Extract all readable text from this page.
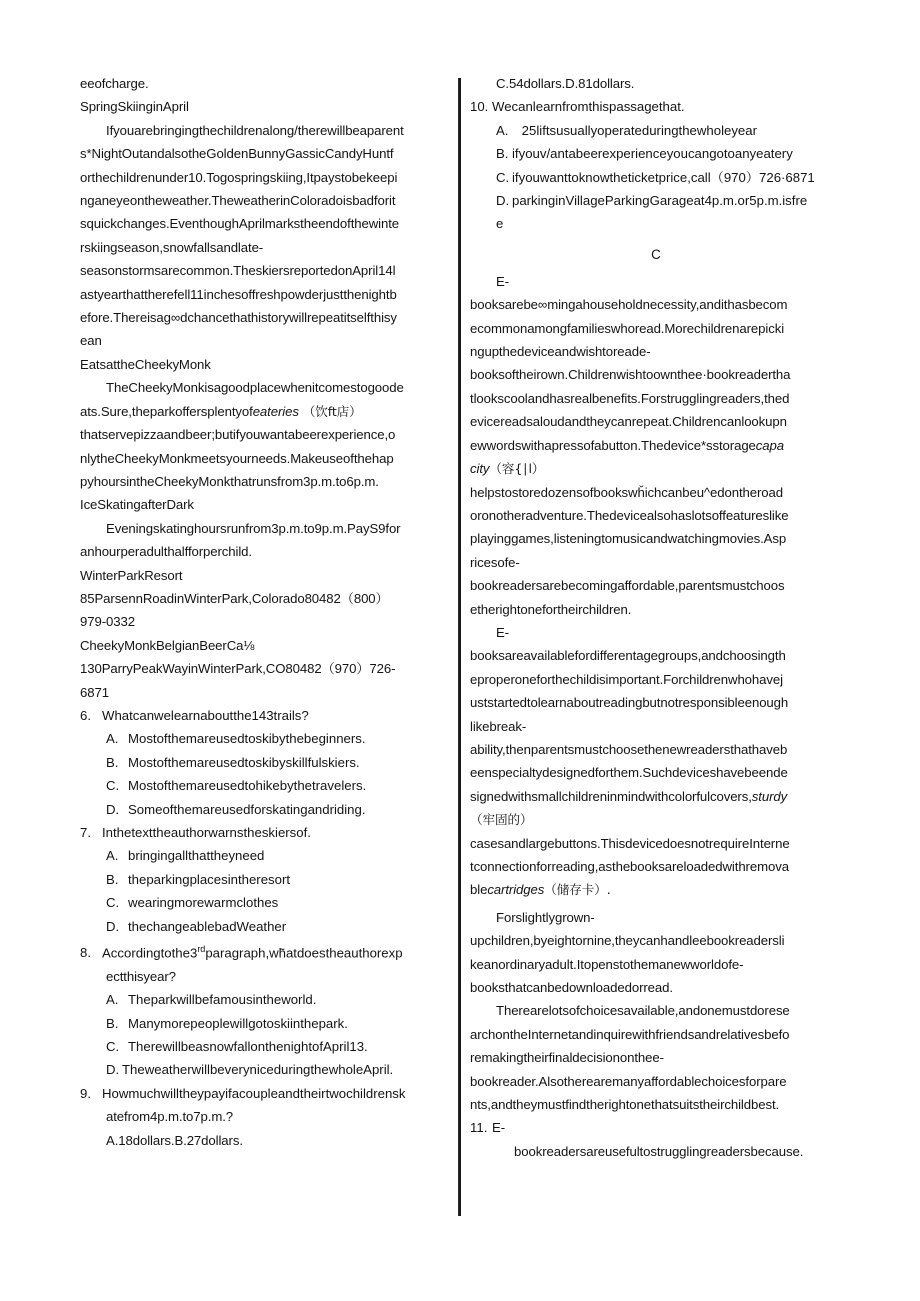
eeofcharge.
SpringSkiinginApril
Ifyouarebringingthechildrenalong/therewillbeaparent
s*NightOutandalsotheGoldenBunnyGassicCandyHuntf
orthechildrenunder10.Togospringskiing,Itpaystobekeepi
nganeyeontheweather.TheweatherinColoradoisbadforit
squickchanges.EventhoughAprilmarkstheendofthewinte
rskiingseason,snowfallsandlate-
seasonstormsarecommon.TheskiersreportedonApril14l
astyearthattherefell11inchesoffreshpowderjustthenightb
efore.Thereisag∞dchancethathistorywillrepeatitselfthisy
ean
EatsattheCheekyMonk
TheCheekyMonkisagoodplacewhenitcomestogoode
ats.Sure,theparkoffersplentyofeateries （饮ft店）
thatservepizzaandbeer;butifyouwantabeerexperience,o
nlytheCheekyMonkmeetsyourneeds.Makeuseofthehap
pyhoursintheCheekyMonkthatrunsfrom3p.m.to6p.m.
IceSkatingafterDark
Eveningskatinghoursrunfrom3p.m.to9p.m.PayS9for
anhourperadulthalfforperchild.
WinterParkResort
85ParsennRoadinWinterPark,Colorado80482（800）
979-0332
CheekyMonkBelgianBeerCa⅛
130ParryPeakWayinWinterPark,CO80482（970）726-
6871
6. Whatcanwelearnaboutthe143trails?
A. Mostofthemareusedtoskibythebeginners.
B. Mostofthemareusedtoskibyskillfulskiers.
C. Mostofthemareusedtohikebythetravelers.
D. Someofthemareusedforskatingandriding.
7. Inthetexttheauthorwarnstheskiersof.
A. bringingallthattheyneed
B. theparkingplacesintheresort
C. wearingmorewarmclothes
D. thechangeablebadWeather
8. Accordingtothe3rdparagraph,wh̃atdoestheauthorexp
ectthisyear?
A. Theparkwillbefamousintheworld.
B. Manymorepeoplewillgotoskiinthepark.
C. TherewillbeasnowfallonthenightofApril13.
D. TheweatherwillbeveryniceduringthewholeApril.
9. Howmuchwilltheypayifacoupleandtheirtwochildrensk
atefrom4p.m.to7p.m.?
A.18dollars.B.27dollars.
C.54dollars.D.81dollars.
10. Wecanlearnfromthispassagethat.
A. 25liftsusuallyoperateduringthewholeyear
B. ifyouv/antabeerexperienceyoucangotoanyeatery
C. ifyouwanttoknowtheticketprice,call（970）726·6871
D. parkinginVillageParkingGarageat4p.m.or5p.m.isfre
e
C
E-
booksarebe∞mingahouseholdnecessity,andithasbecom
ecommonamongfamilieswhoread.Morechildrenarepicki
ngupthedeviceandwishtoreade-
booksoftheirown.Childrenwishtoownthee·bookreadertha
tlookscoolandhasrealbenefits.Forstrugglingreaders,thed
evicereadsaloudandtheycanrepeat.Childrencanlookupn
ewwordswithapressofabutton.Thedevice*sstoragecapa
city（容{∣l）
helpstostoredozensofbookswȟichcanbeu^edontheroad
oronotheradventure.Thedevicealsohaslotsoffeatureslike
playinggames,listeningtomusicandwatchingmovies.Asp
ricesofe-
bookreadersarebecomingaffordable,parentsmustchoos
etherightonefortheirchildren.
E-
booksareavailablefordifferentagegroups,andchoosingth
eproperoneforthechildisimportant.Forchildrenwhohavej
uststartedtolearnaboutreadingbutnotresponsibleenough
likebreak-
ability,thenparentsmustchoosethenewreadersthathaveb
eenspecialtydesignedforthem.Suchdeviceshavebeende
signedwithsmallchildreninmindwithcolorfulcovers,sturdy
（牢固的）
casesandlargebuttons.ThisdevicedoesnotrequireInterne
tconnectionforreading,asthebooksareloadedwithremova
blecartridges（储存卡）.
Forslightlygrown-
upchildren,byeightornine,theycanhandleebookreadersli
keanordinaryadult.Itopenstothemanewworldofe-
booksthatcanbedownloadedorread.
Therearelotsofchoicesavailable,andonemustdorese
archontheInternetandinquirewithfriendsandrelativesbefo
remakingtheirfinaldecisiononthee-
bookreader.Alsotherearemanyaffordablechoicesforpare
nts,andtheymustfindtherightonethatsuitstheirchildbest.
11. E-
bookreadersareusefultostrugglingreadersbecause.
